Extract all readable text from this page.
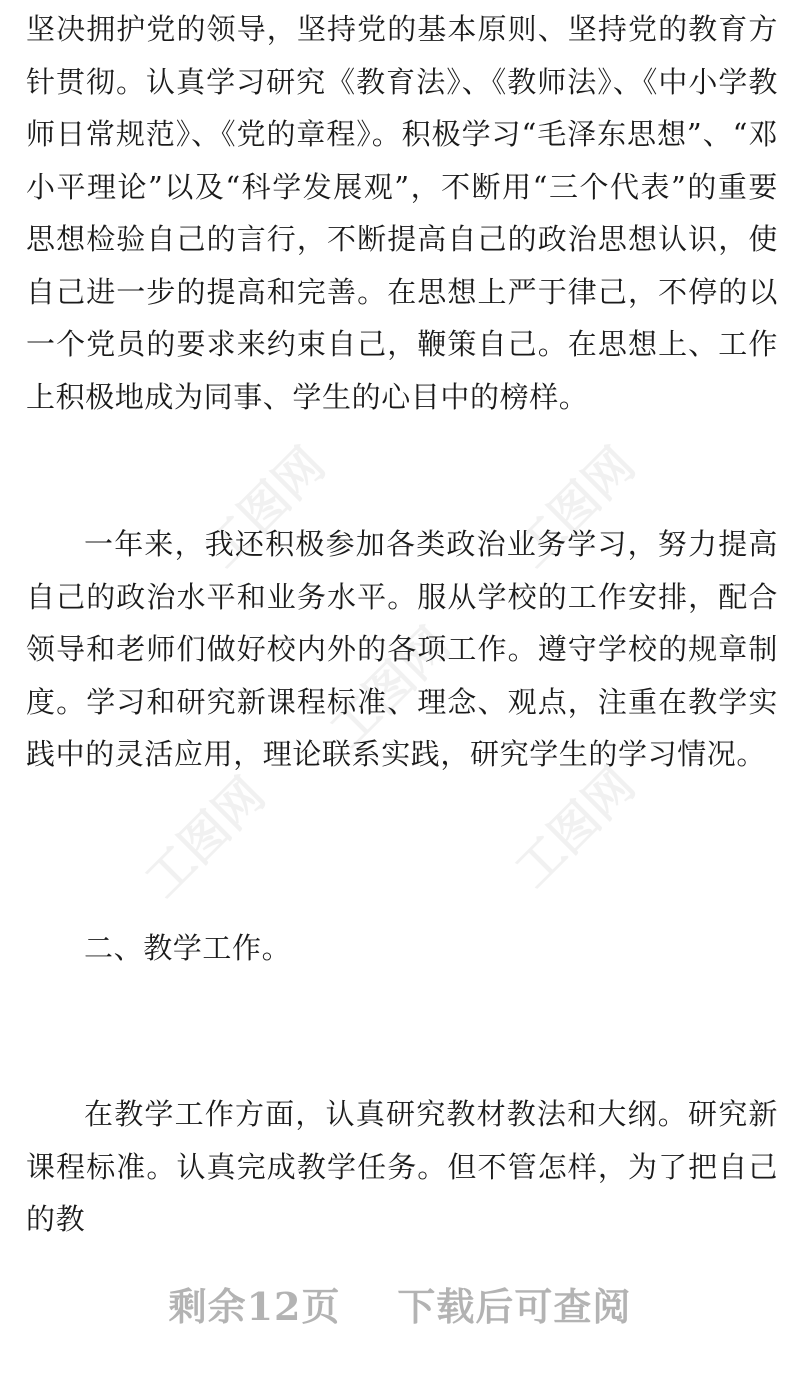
工图网	工图网
工图网
工图网	工图网

坚决拥护党的领导，坚持党的基本原则、坚持党的教育方针贯彻。认真学习研究《教育法》、《教师法》、《中小学教师日常规范》、《党的章程》。积极学习“毛泽东思想”、“邓小平理论”以及“科学发展观”，不断用“三个代表”的重要思想检验自己的言行，不断提高自己的政治思想认识，使自己进一步的提高和完善。在思想上严于律己，不停的以一个党员的要求来约束自己，鞭策自己。在思想上、工作上积极地成为同事、学生的心目中的榜样。

一年来，我还积极参加各类政治业务学习，努力提高自己的政治水平和业务水平。服从学校的工作安排，配合领导和老师们做好校内外的各项工作。遵守学校的规章制度。学习和研究新课程标准、理念、观点，注重在教学实践中的灵活应用，理论联系实践，研究学生的学习情况。

二、教学工作。

在教学工作方面，认真研究教材教法和大纲。研究新课程标准。认真完成教学任务。但不管怎样，为了把自己的教

剩余12页 下载后可查阅
